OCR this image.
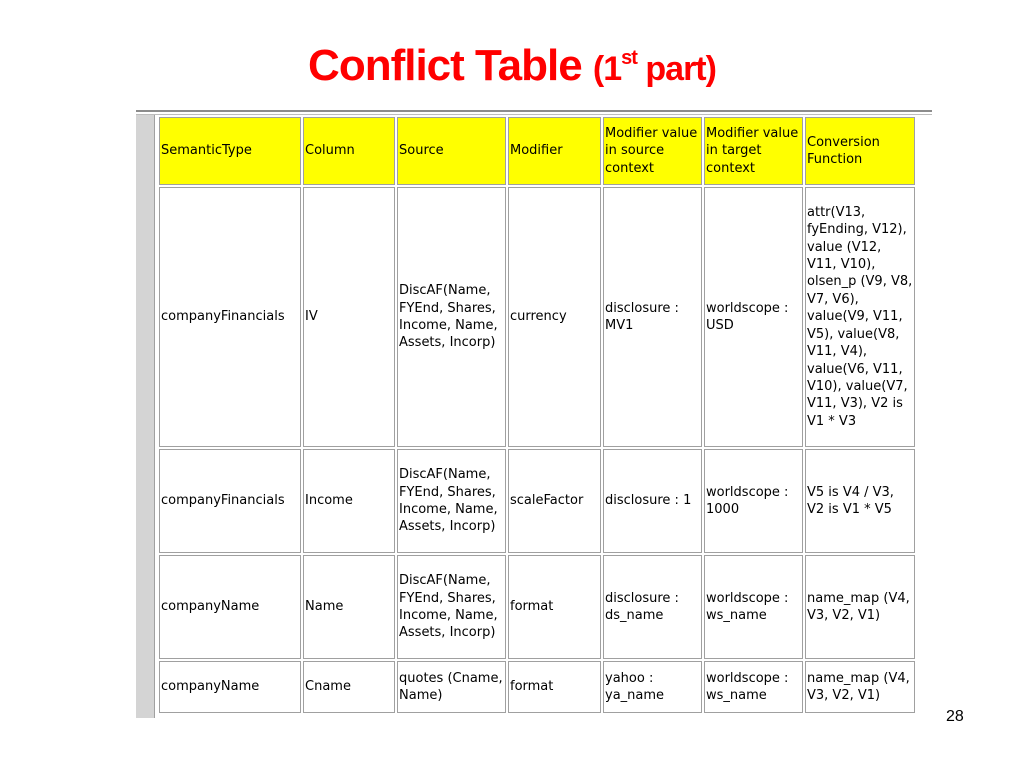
Conflict Table (1st part)
SemanticType	Column	Source	Modifier	Modifier value in source context	Modifier value in target context	Conversion Function
companyFinancials	IV	DiscAF(Name, FYEnd, Shares, Income, Name, Assets, Incorp)	currency	disclosure : MV1	worldscope : USD	attr(V13, fyEnding, V12), value (V12, V11, V10), olsen_p (V9, V8, V7, V6), value(V9, V11, V5), value(V8, V11, V4), value(V6, V11, V10), value(V7, V11, V3), V2 is V1 * V3
companyFinancials	Income	DiscAF(Name, FYEnd, Shares, Income, Name, Assets, Incorp)	scaleFactor	disclosure : 1	worldscope : 1000	V5 is V4 / V3, V2 is V1 * V5
companyName	Name	DiscAF(Name, FYEnd, Shares, Income, Name, Assets, Incorp)	format	disclosure : ds_name	worldscope : ws_name	name_map (V4, V3, V2, V1)
companyName	Cname	quotes (Cname, Name)	format	yahoo : ya_name	worldscope : ws_name	name_map (V4, V3, V2, V1)
28
